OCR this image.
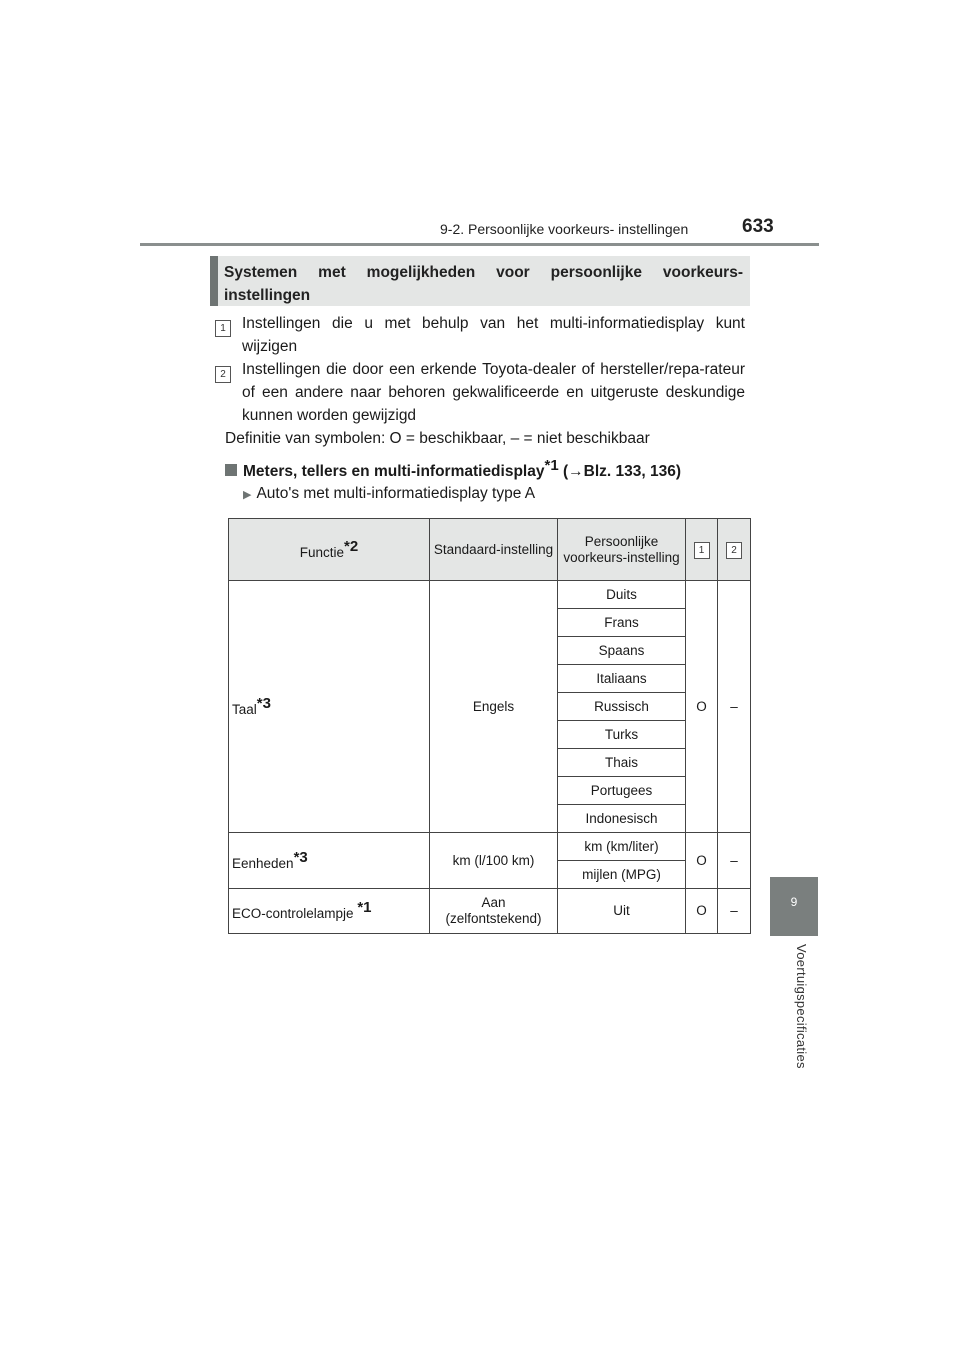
9-2. Persoonlijke voorkeurs- instellingen	633
9
Voertuigspecificaties
Systemen met mogelijkheden voor persoonlijke voorkeurs-instellingen
1	Instellingen die u met behulp van het multi-informatiedisplay kunt wijzigen
2	Instellingen die door een erkende Toyota-dealer of hersteller/repa-rateur of een andere naar behoren gekwalificeerde en uitgeruste deskundige kunnen worden gewijzigd
Definitie van symbolen: O = beschikbaar, – = niet beschikbaar
Meters, tellers en multi-informatiedisplay$^{*1}$ (→Blz. 133, 136)
▶ Auto's met multi-informatiedisplay type A
Functie$^{*2}$	Standaard-instelling	Persoonlijke voorkeurs-instelling	1	2
Taal$^{*3}$	Engels	Duits	O	–
		Frans		
		Spaans		
		Italiaans		
		Russisch		
		Turks		
		Thais		
		Portugees		
		Indonesisch		
Eenheden$^{*3}$	km (l/100 km)	km (km/liter)	O	–
		mijlen (MPG)		
ECO-controlelampje $^{*1}$	Aan (zelfontstekend)	Uit	O	–
